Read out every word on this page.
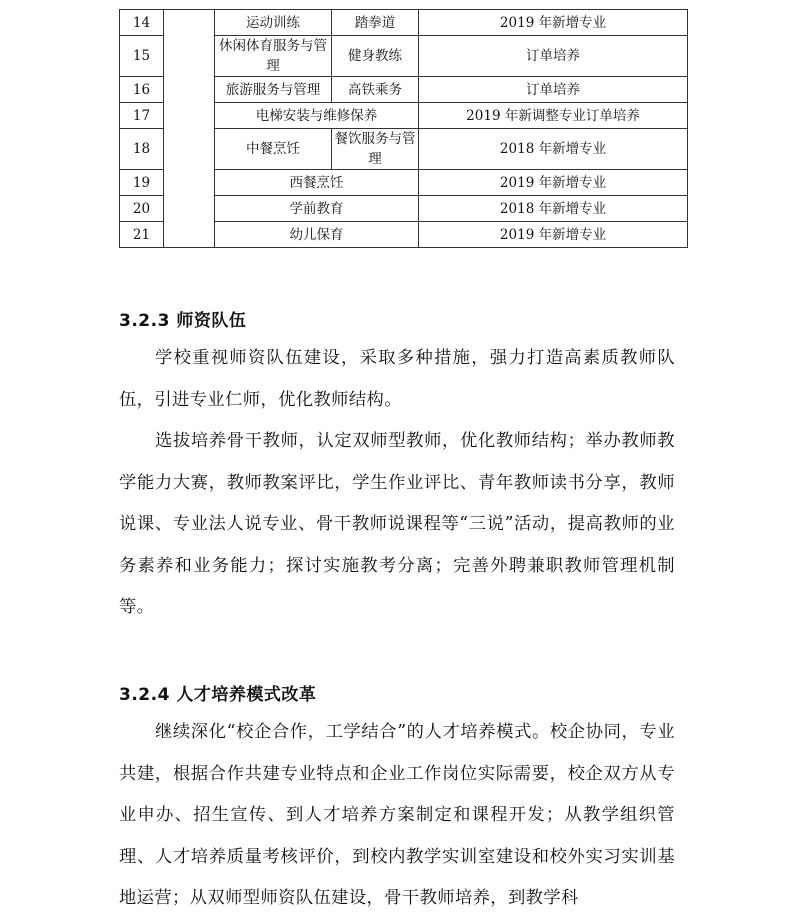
14		运动训练	踏拳道	2019 年新增专业
15		休闲体育服务与管理	健身教练	订单培养
16		旅游服务与管理	高铁乘务	订单培养
17		电梯安装与维修保养		2019 年新调整专业订单培养
18		中餐烹饪	餐饮服务与管理	2018 年新增专业
19		西餐烹饪		2019 年新增专业
20		学前教育		2018 年新增专业
21		幼儿保育		2019 年新增专业
3.2.3 师资队伍

学校重视师资队伍建设，采取多种措施，强力打造高素质教师队伍，引进专业仁师，优化教师结构。

选拔培养骨干教师，认定双师型教师，优化教师结构；举办教师教学能力大赛，教师教案评比，学生作业评比、青年教师读书分享，教师说课、专业法人说专业、骨干教师说课程等“三说”活动，提高教师的业务素养和业务能力；探讨实施教考分离；完善外聘兼职教师管理机制等。

3.2.4 人才培养模式改革

继续深化“校企合作，工学结合”的人才培养模式。校企协同，专业共建，根据合作共建专业特点和企业工作岗位实际需要，校企双方从专业申办、招生宣传、到人才培养方案制定和课程开发；从教学组织管理、人才培养质量考核评价，到校内教学实训室建设和校外实习实训基地运营；从双师型师资队伍建设，骨干教师培养，到教学科
